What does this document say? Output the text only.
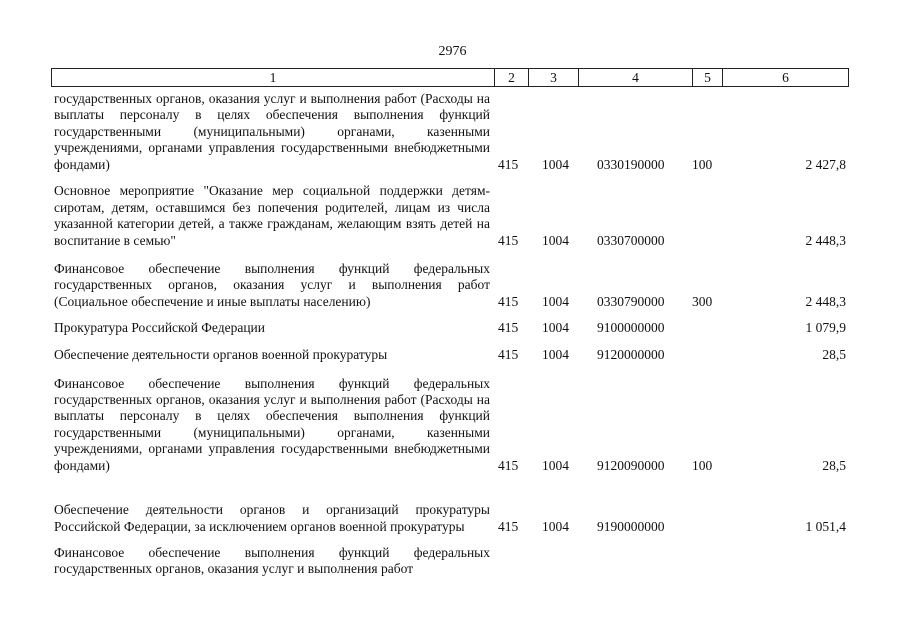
2976
1	2	3	4	5	6
государственных органов, оказания услуг и выполнения работ (Расходы на выплаты персоналу в целях обеспечения выполнения функций государственными (муниципальными) органами, казенными учреждениями, органами управления государственными внебюджетными фондами)	415 1004 0330190000 100	2 427,8
Основное мероприятие "Оказание мер социальной поддержки детям-сиротам, детям, оставшимся без попечения родителей, лицам из числа указанной категории детей, а также гражданам, желающим взять детей на воспитание в семью"	415 1004 0330700000	2 448,3
Финансовое обеспечение выполнения функций федеральных государственных органов, оказания услуг и выполнения работ (Социальное обеспечение и иные выплаты населению)	415 1004 0330790000 300	2 448,3
Прокуратура Российской Федерации	415 1004 9100000000	1 079,9
Обеспечение деятельности органов военной прокуратуры	415 1004 9120000000	28,5
Финансовое обеспечение выполнения функций федеральных государственных органов, оказания услуг и выполнения работ (Расходы на выплаты персоналу в целях обеспечения выполнения функций государственными (муниципальными) органами, казенными учреждениями, органами управления государственными внебюджетными фондами)	415 1004 9120090000 100	28,5
Обеспечение деятельности органов и организаций прокуратуры Российской Федерации, за исключением органов военной прокуратуры	415 1004 9190000000	1 051,4
Финансовое обеспечение выполнения функций федеральных государственных органов, оказания услуг и выполнения работ
